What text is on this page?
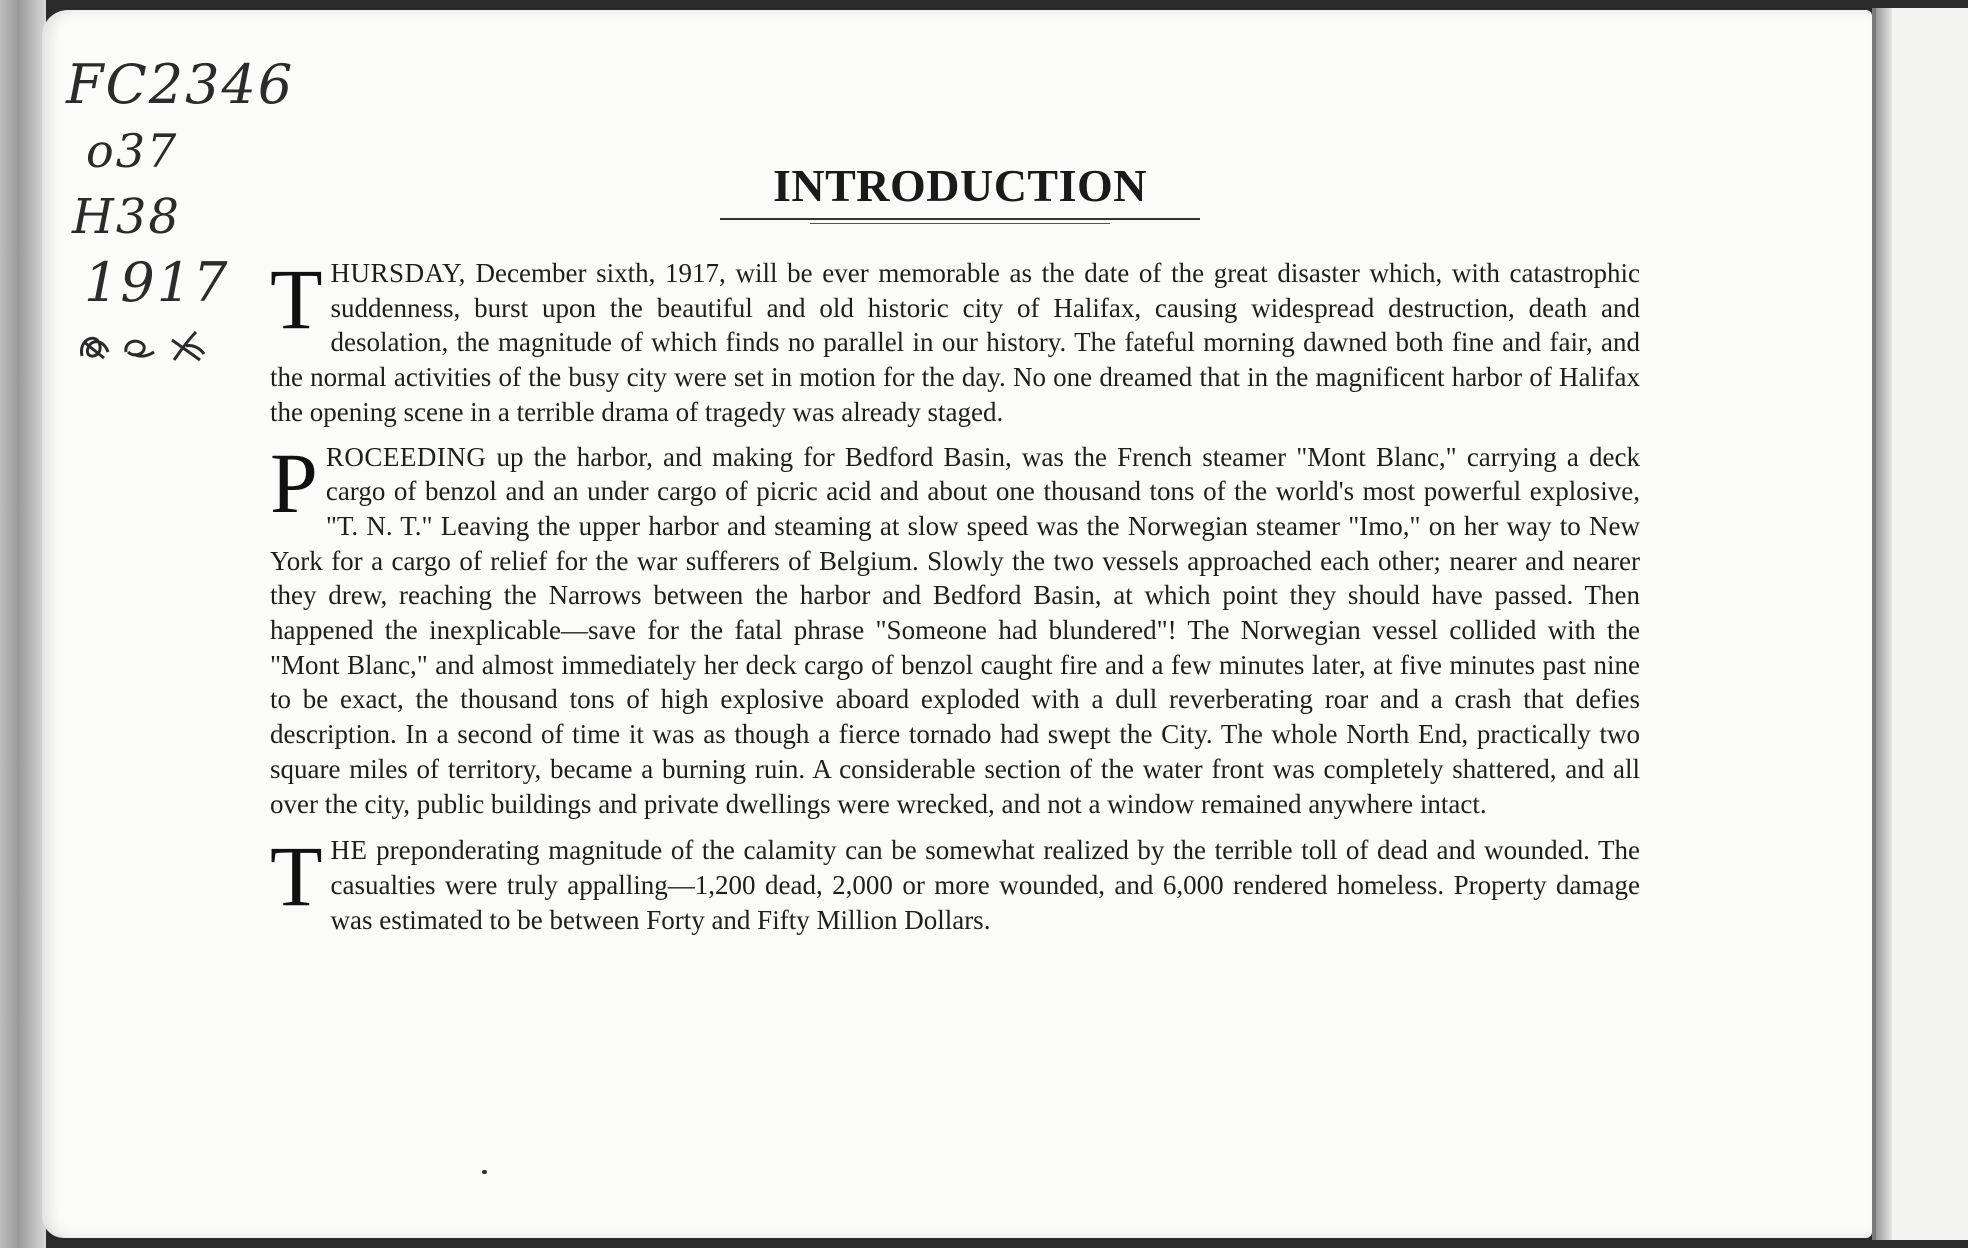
FC2346
o37
H38
1917
INTRODUCTION

THURSDAY, December sixth, 1917, will be ever memorable as the date of the great disaster which, with catastrophic suddenness, burst upon the beautiful and old historic city of Halifax, causing widespread destruction, death and desolation, the magnitude of which finds no parallel in our history. The fateful morning dawned both fine and fair, and the normal activities of the busy city were set in motion for the day. No one dreamed that in the magnificent harbor of Halifax the opening scene in a terrible drama of tragedy was already staged.

PROCEEDING up the harbor, and making for Bedford Basin, was the French steamer "Mont Blanc," carrying a deck cargo of benzol and an under cargo of picric acid and about one thousand tons of the world's most powerful explosive, "T. N. T." Leaving the upper harbor and steaming at slow speed was the Norwegian steamer "Imo," on her way to New York for a cargo of relief for the war sufferers of Belgium. Slowly the two vessels approached each other; nearer and nearer they drew, reaching the Narrows between the harbor and Bedford Basin, at which point they should have passed. Then happened the inexplicable—save for the fatal phrase "Someone had blundered"! The Norwegian vessel collided with the "Mont Blanc," and almost immediately her deck cargo of benzol caught fire and a few minutes later, at five minutes past nine to be exact, the thousand tons of high explosive aboard exploded with a dull reverberating roar and a crash that defies description. In a second of time it was as though a fierce tornado had swept the City. The whole North End, practically two square miles of territory, became a burning ruin. A considerable section of the water front was completely shattered, and all over the city, public buildings and private dwellings were wrecked, and not a window remained anywhere intact.

THE preponderating magnitude of the calamity can be somewhat realized by the terrible toll of dead and wounded. The casualties were truly appalling—1,200 dead, 2,000 or more wounded, and 6,000 rendered homeless. Property damage was estimated to be between Forty and Fifty Million Dollars.
